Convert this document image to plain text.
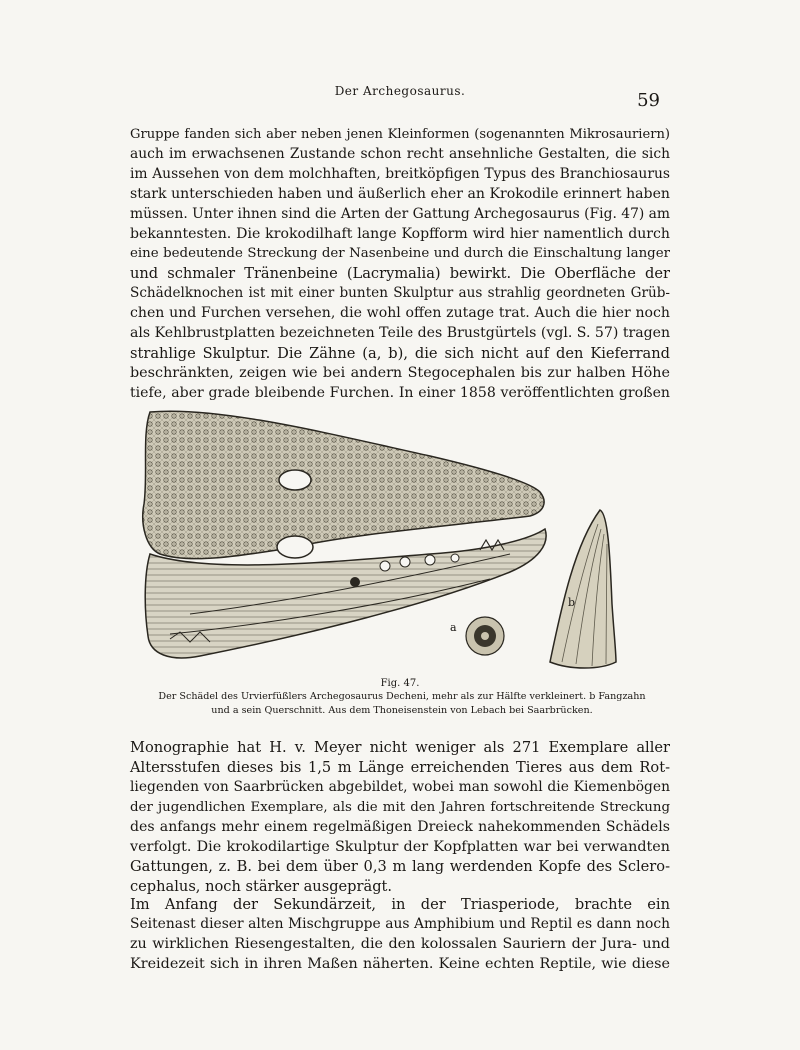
Der Archegosaurus.	59
Gruppe fanden sich aber neben jenen Kleinformen (sogenannten Mikrosauriern)
auch im erwachsenen Zustande schon recht ansehnliche Gestalten, die sich
im Aussehen von dem molchhaften, breitköpfigen Typus des Branchiosaurus
stark unterschieden haben und äußerlich eher an Krokodile erinnert haben
müssen. Unter ihnen sind die Arten der Gattung Archegosaurus (Fig. 47) am
bekanntesten. Die krokodilhaft lange Kopfform wird hier namentlich durch
eine bedeutende Streckung der Nasenbeine und durch die Einschaltung langer
und schmaler Tränenbeine (Lacrymalia) bewirkt. Die Oberfläche der
Schädelknochen ist mit einer bunten Skulptur aus strahlig geordneten Grüb-
chen und Furchen versehen, die wohl offen zutage trat. Auch die hier noch
als Kehlbrustplatten bezeichneten Teile des Brustgürtels (vgl. S. 57) tragen
strahlige Skulptur. Die Zähne (a, b), die sich nicht auf den Kieferrand
beschränkten, zeigen wie bei andern Stegocephalen bis zur halben Höhe
tiefe, aber grade bleibende Furchen. In einer 1858 veröffentlichten großen
a
b
Fig. 47.
Der Schädel des Urvierfüßlers Archegosaurus Decheni, mehr als zur Hälfte verkleinert. b Fangzahn
und a sein Querschnitt. Aus dem Thoneisenstein von Lebach bei Saarbrücken.
Monographie hat H. v. Meyer nicht weniger als 271 Exemplare aller
Altersstufen dieses bis 1,5 m Länge erreichenden Tieres aus dem Rot-
liegenden von Saarbrücken abgebildet, wobei man sowohl die Kiemenbögen
der jugendlichen Exemplare, als die mit den Jahren fortschreitende Streckung
des anfangs mehr einem regelmäßigen Dreieck nahekommenden Schädels
verfolgt. Die krokodilartige Skulptur der Kopfplatten war bei verwandten
Gattungen, z. B. bei dem über 0,3 m lang werdenden Kopfe des Sclero-
cephalus, noch stärker ausgeprägt.
Im Anfang der Sekundärzeit, in der Triasperiode, brachte ein
Seitenast dieser alten Mischgruppe aus Amphibium und Reptil es dann noch
zu wirklichen Riesengestalten, die den kolossalen Sauriern der Jura- und
Kreidezeit sich in ihren Maßen näherten. Keine echten Reptile, wie diese
